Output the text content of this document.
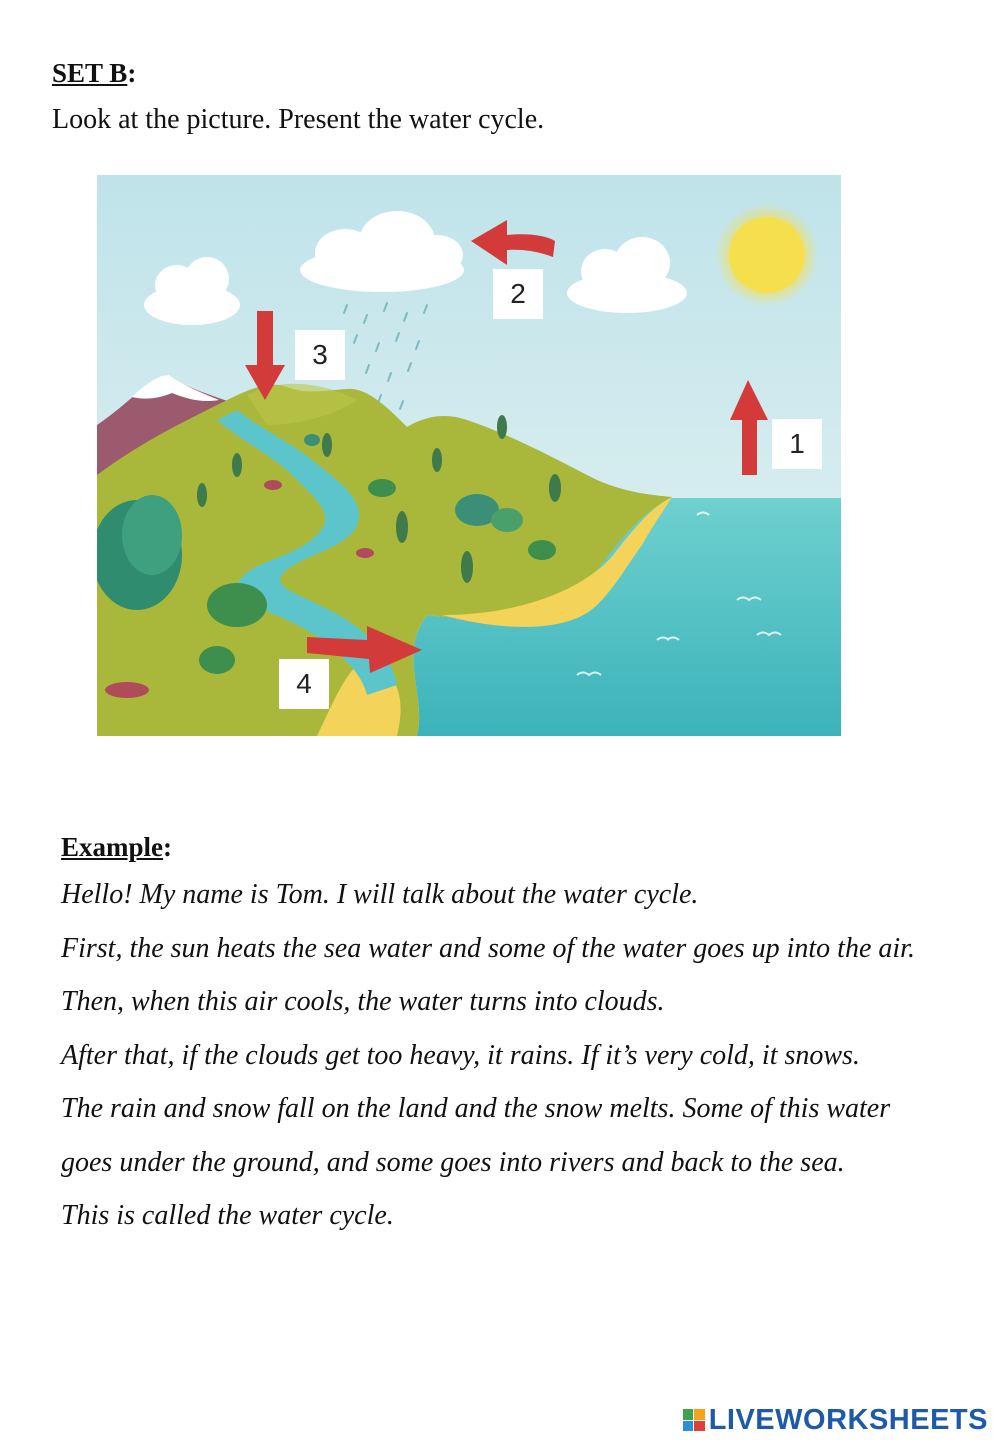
SET B:
Look at the picture. Present the water cycle.
1
2
3
4
Example:

Hello! My name is Tom. I will talk about the water cycle.

First, the sun heats the sea water and some of the water goes up into the air.

Then, when this air cools, the water turns into clouds.

After that, if the clouds get too heavy, it rains. If it’s very cold, it snows.

The rain and snow fall on the land and the snow melts. Some of this water goes under the ground, and some goes into rivers and back to the sea.

This is called the water cycle.

LIVEWORKSHEETS
